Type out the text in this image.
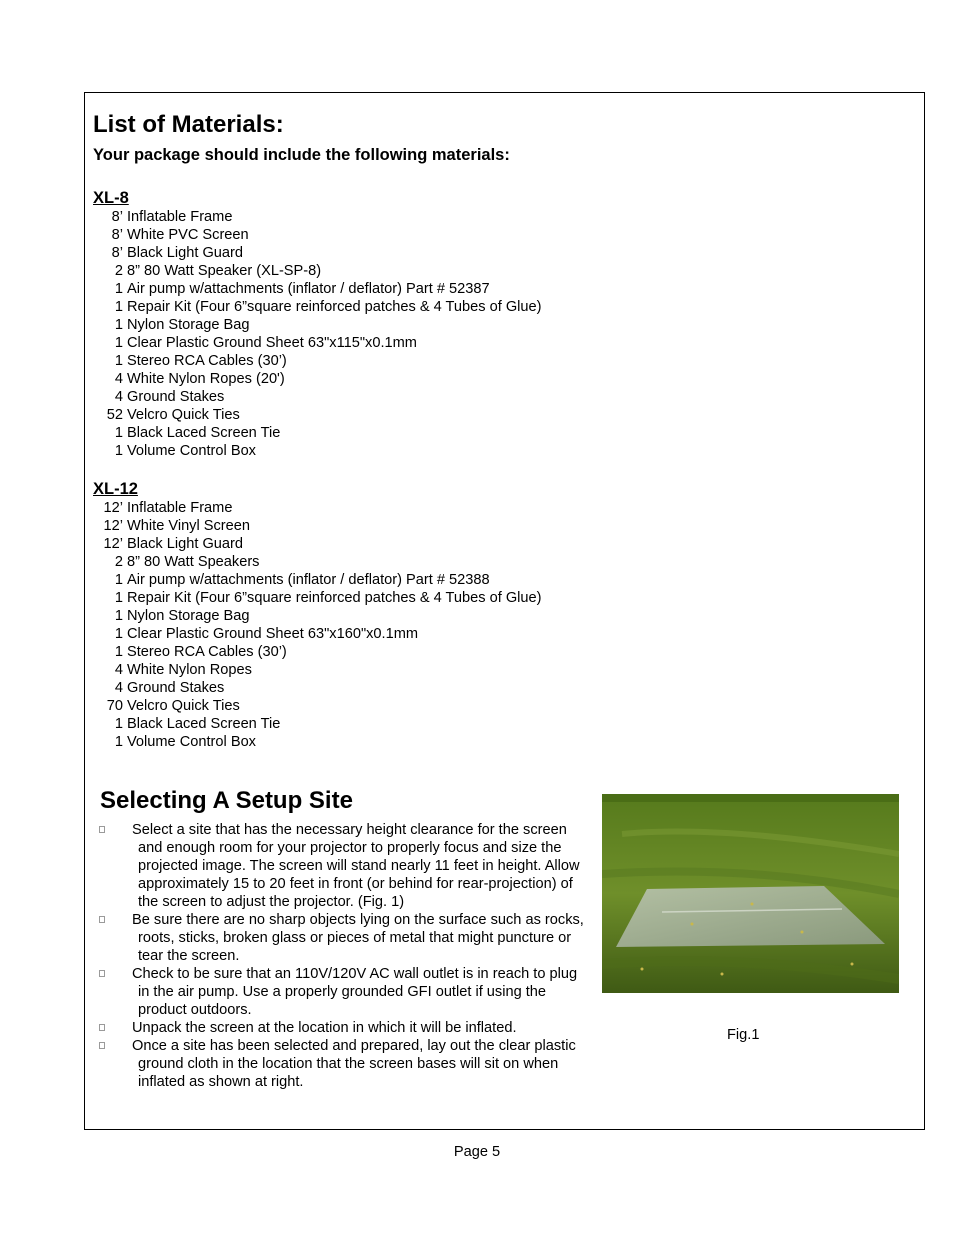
List of Materials:
Your package should include the following materials:
XL-8
8’ Inflatable Frame
8’ White PVC Screen
8’ Black Light Guard
2 8” 80 Watt Speaker (XL-SP-8)
1 Air pump w/attachments (inflator / deflator) Part # 52387
1 Repair Kit (Four 6”square reinforced patches & 4 Tubes of Glue)
1 Nylon Storage Bag
1 Clear Plastic Ground Sheet 63"x115"x0.1mm
1 Stereo RCA Cables (30’)
4 White Nylon Ropes (20')
4 Ground Stakes
52 Velcro Quick Ties
1 Black Laced Screen Tie
1 Volume Control Box
XL-12
12’ Inflatable Frame
12’ White Vinyl Screen
12’ Black Light Guard
2 8” 80 Watt Speakers
1 Air pump w/attachments (inflator / deflator) Part # 52388
1 Repair Kit (Four 6”square reinforced patches & 4 Tubes of Glue)
1 Nylon Storage Bag
1 Clear Plastic Ground Sheet 63"x160"x0.1mm
1 Stereo RCA Cables (30’)
4 White Nylon Ropes
4 Ground Stakes
70 Velcro Quick Ties
1 Black Laced Screen Tie
1 Volume Control Box
Selecting A Setup Site
Select a site that has the necessary height clearance for the screen and enough room for your projector to properly focus and size the projected image. The screen will stand nearly 11 feet in height. Allow approximately 15 to 20 feet in front (or behind for rear-projection) of the screen to adjust the projector. (Fig. 1)
Be sure there are no sharp objects lying on the surface such as rocks, roots, sticks, broken glass or pieces of metal that might puncture or tear the screen.
Check to be sure that an 110V/120V AC wall outlet is in reach to plug in the air pump. Use a properly grounded GFI outlet if using the product outdoors.
Unpack the screen at the location in which it will be inflated.
Once a site has been selected and prepared, lay out the clear plastic ground cloth in the location that the screen bases will sit on when inflated as shown at right.
Fig.1
Page 5
